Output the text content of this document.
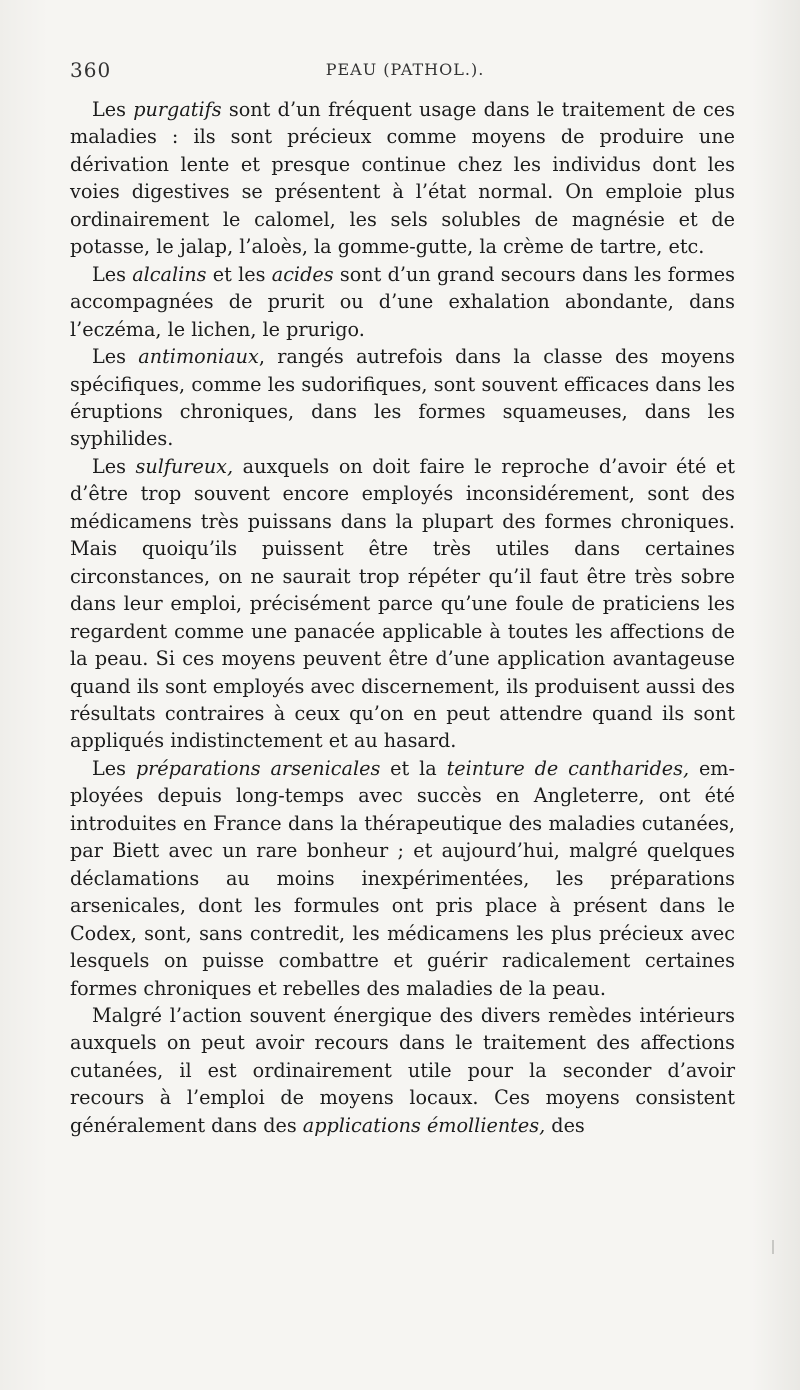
360	PEAU (PATHOL.).

Les purgatifs sont d’un fréquent usage dans le traitement de ces maladies : ils sont précieux comme moyens de produire une dérivation lente et presque continue chez les individus dont les voies digestives se présentent à l’état normal. On emploie plus ordinairement le calomel, les sels solubles de magnésie et de potasse, le jalap, l’aloès, la gomme-gutte, la crème de tartre, etc.

Les alcalins et les acides sont d’un grand secours dans les formes accompagnées de prurit ou d’une exhalation abondante, dans l’eczéma, le lichen, le prurigo.

Les antimoniaux, rangés autrefois dans la classe des moyens spécifiques, comme les sudorifiques, sont souvent efficaces dans les éruptions chroniques, dans les formes squameuses, dans les syphilides.

Les sulfureux, auxquels on doit faire le reproche d’avoir été et d’être trop souvent encore employés inconsidérement, sont des médicamens très puissans dans la plupart des formes chroniques. Mais quoiqu’ils puissent être très utiles dans certaines circonstances, on ne saurait trop répéter qu’il faut être très sobre dans leur emploi, précisément parce qu’une foule de praticiens les regardent comme une panacée applicable à toutes les affections de la peau. Si ces moyens peuvent être d’une application avantageuse quand ils sont employés avec discernement, ils produisent aussi des résultats contraires à ceux qu’on en peut attendre quand ils sont appliqués indistinctement et au hasard.

Les préparations arsenicales et la teinture de cantharides, employées depuis long-temps avec succès en Angleterre, ont été introduites en France dans la thérapeutique des maladies cutanées, par Biett avec un rare bonheur ; et aujourd’hui, malgré quelques déclamations au moins inexpérimentées, les préparations arsenicales, dont les formules ont pris place à présent dans le Codex, sont, sans contredit, les médicamens les plus précieux avec lesquels on puisse combattre et guérir radicalement certaines formes chroniques et rebelles des maladies de la peau.

Malgré l’action souvent énergique des divers remèdes intérieurs auxquels on peut avoir recours dans le traitement des affections cutanées, il est ordinairement utile pour la seconder d’avoir recours à l’emploi de moyens locaux. Ces moyens consistent généralement dans des applications émollientes, des
